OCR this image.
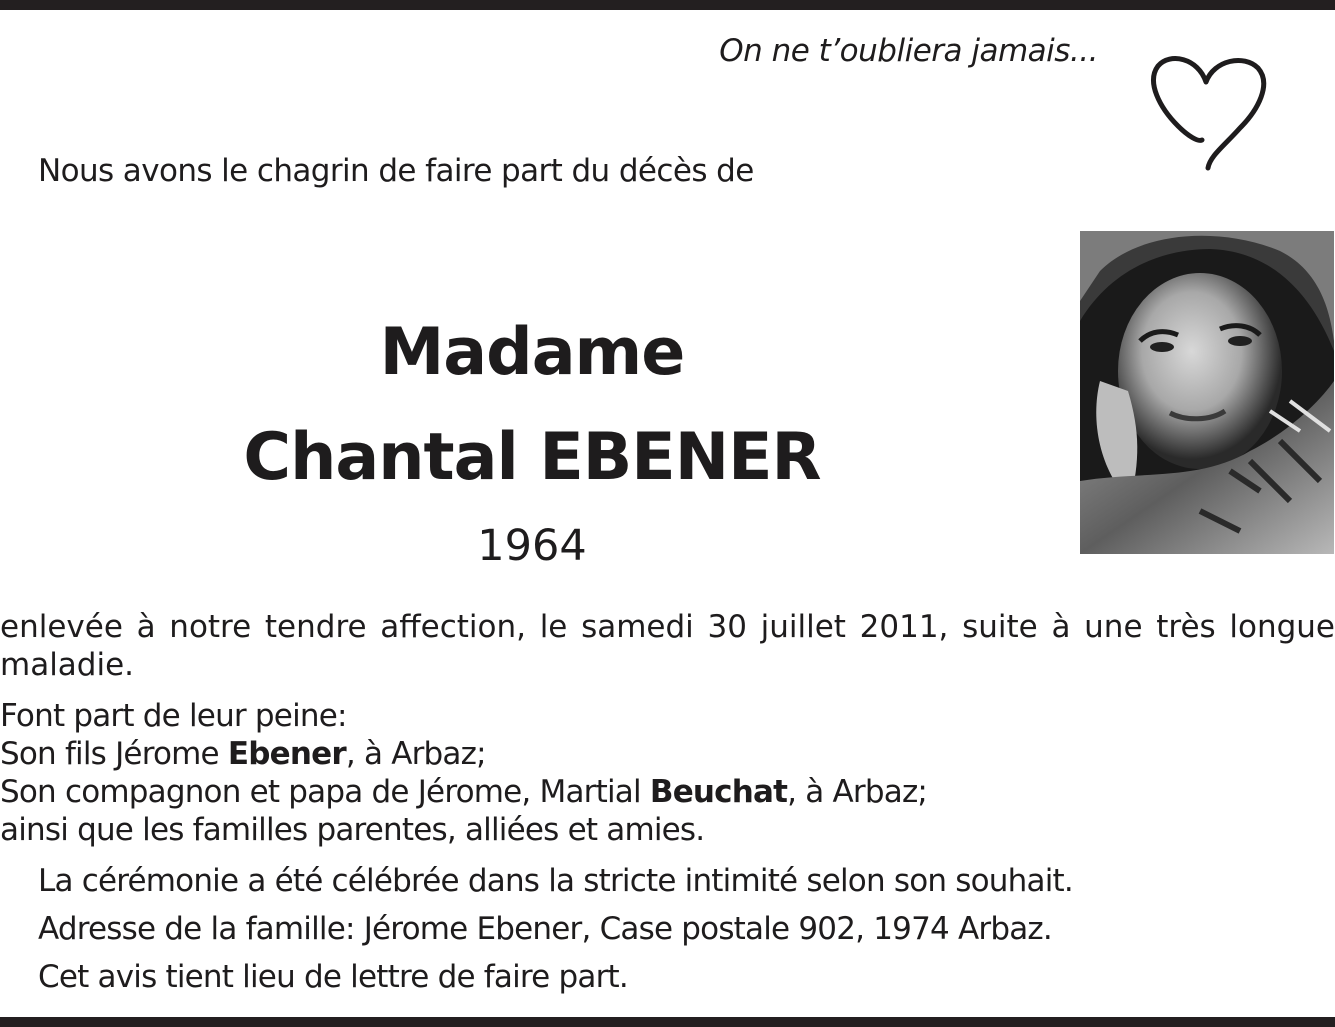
On ne t’oubliera jamais...
Nous avons le chagrin de faire part du décès de
Madame
Chantal EBENER
1964
enlevée à notre tendre affection, le samedi 30 juillet 2011, suite à une très longue maladie.
Font part de leur peine:
Son fils Jérome Ebener, à Arbaz;
Son compagnon et papa de Jérome, Martial Beuchat, à Arbaz;
ainsi que les familles parentes, alliées et amies.
La cérémonie a été célébrée dans la stricte intimité selon son souhait.
Adresse de la famille: Jérome Ebener, Case postale 902, 1974 Arbaz.
Cet avis tient lieu de lettre de faire part.
